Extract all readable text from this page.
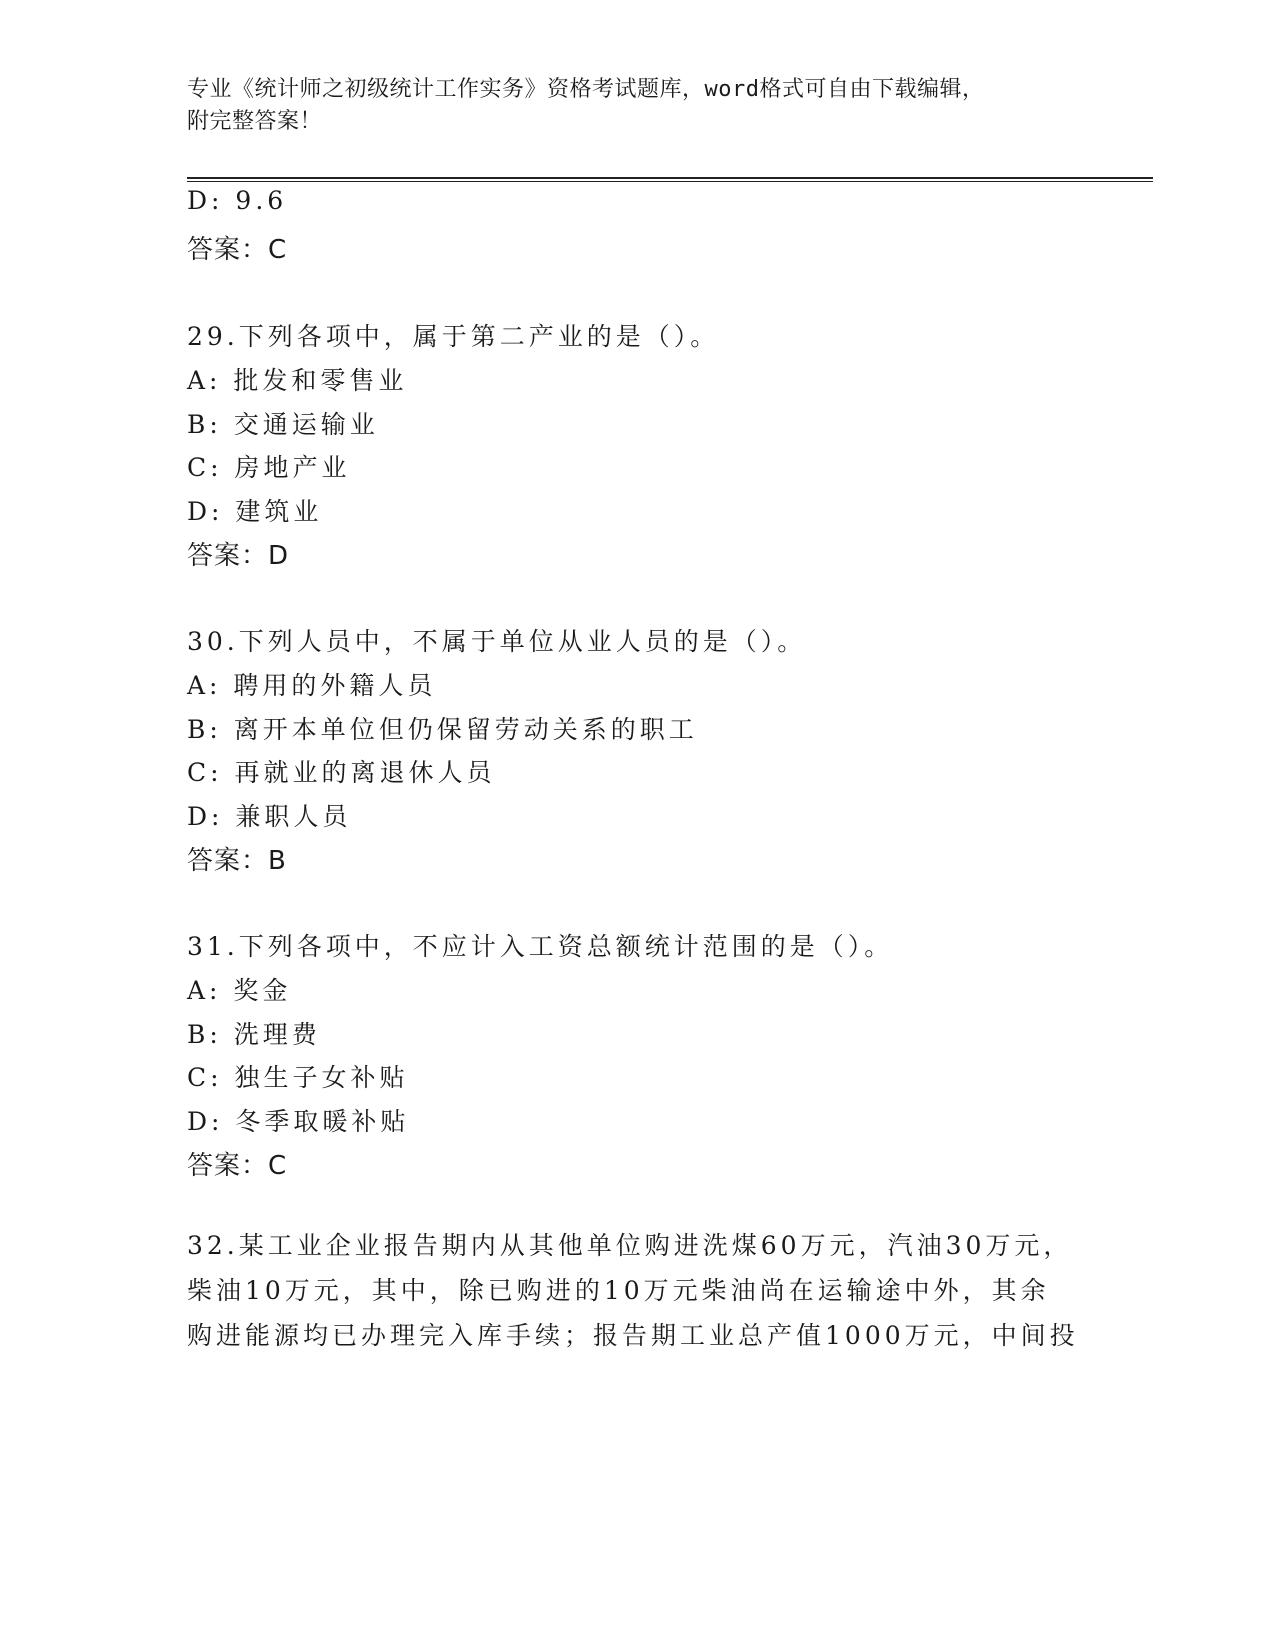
专业《统计师之初级统计工作实务》资格考试题库，word格式可自由下载编辑，
附完整答案！
D: 9.6
答案：C
29.下列各项中，属于第二产业的是（）。
A: 批发和零售业
B: 交通运输业
C: 房地产业
D: 建筑业
答案：D
30.下列人员中，不属于单位从业人员的是（）。
A: 聘用的外籍人员
B: 离开本单位但仍保留劳动关系的职工
C: 再就业的离退休人员
D: 兼职人员
答案：B
31.下列各项中，不应计入工资总额统计范围的是（）。
A: 奖金
B: 洗理费
C: 独生子女补贴
D: 冬季取暖补贴
答案：C
32.某工业企业报告期内从其他单位购进洗煤60万元，汽油30万元，
柴油10万元，其中，除已购进的10万元柴油尚在运输途中外，其余
购进能源均已办理完入库手续；报告期工业总产值1000万元，中间投
